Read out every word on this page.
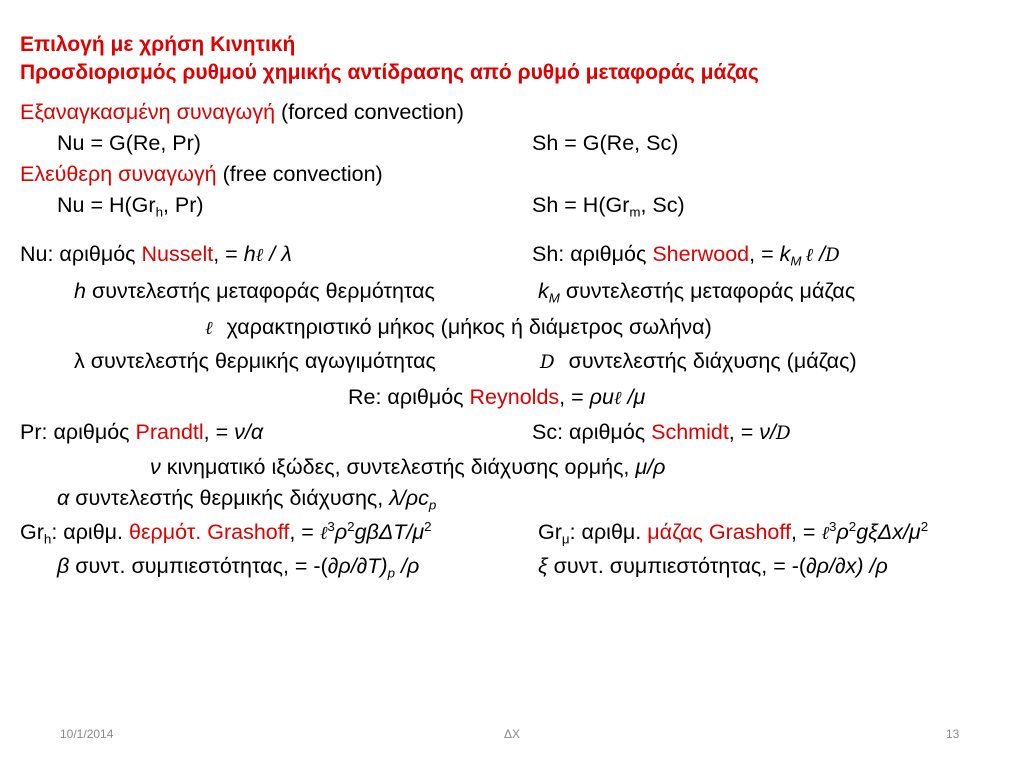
Επιλογή με χρήση Κινητική
Προσδιορισμός ρυθμού χημικής αντίδρασης από ρυθμό μεταφοράς μάζας
Εξαναγκασμένη συναγωγή (forced convection)
Nu = G(Re, Pr)	Sh = G(Re, Sc)
Ελεύθερη συναγωγή (free convection)
$Nu = H(Gr_h$, Pr)	$Sh = H(Gr_m$, Sc)
Nu: αριθμός Nusselt, = hℓ / λ	Sh: αριθμός Sherwood, = $k_M$ ℓ /D
h συντελεστής μεταφοράς θερμότητας	$k_M$ συντελεστής μεταφοράς μάζας
ℓ χαρακτηριστικό μήκος (μήκος ή διάμετρος σωλήνα)
λ συντελεστής θερμικής αγωγιμότητας	D συντελεστής διάχυσης (μάζας)
Re: αριθμός Reynolds, = ρuℓ /μ
Pr: αριθμός Prandtl, = ν/α	Sc: αριθμός Schmidt, = ν/D
ν κινηματικό ιξώδες, συντελεστής διάχυσης ορμής, μ/ρ
α συντελεστής θερμικής διάχυσης, $\lambda/\rho c_p$
$Gr_h$: αριθμ. θερμότ. Grashoff, = $\ell^3\rho^2g\beta\Delta T/\mu^2$	$Gr_\mu$: αριθμ. μάζας Grashoff, = $\ell^3\rho^2g\xi\Delta x/\mu^2$
β συντ. συμπιεστότητας, = $-(\partial\rho/\partial T)_p$ /ρ	ξ συντ. συμπιεστότητας, = -(∂ρ/∂x) /ρ
10/1/2014	ΔΧ	13
